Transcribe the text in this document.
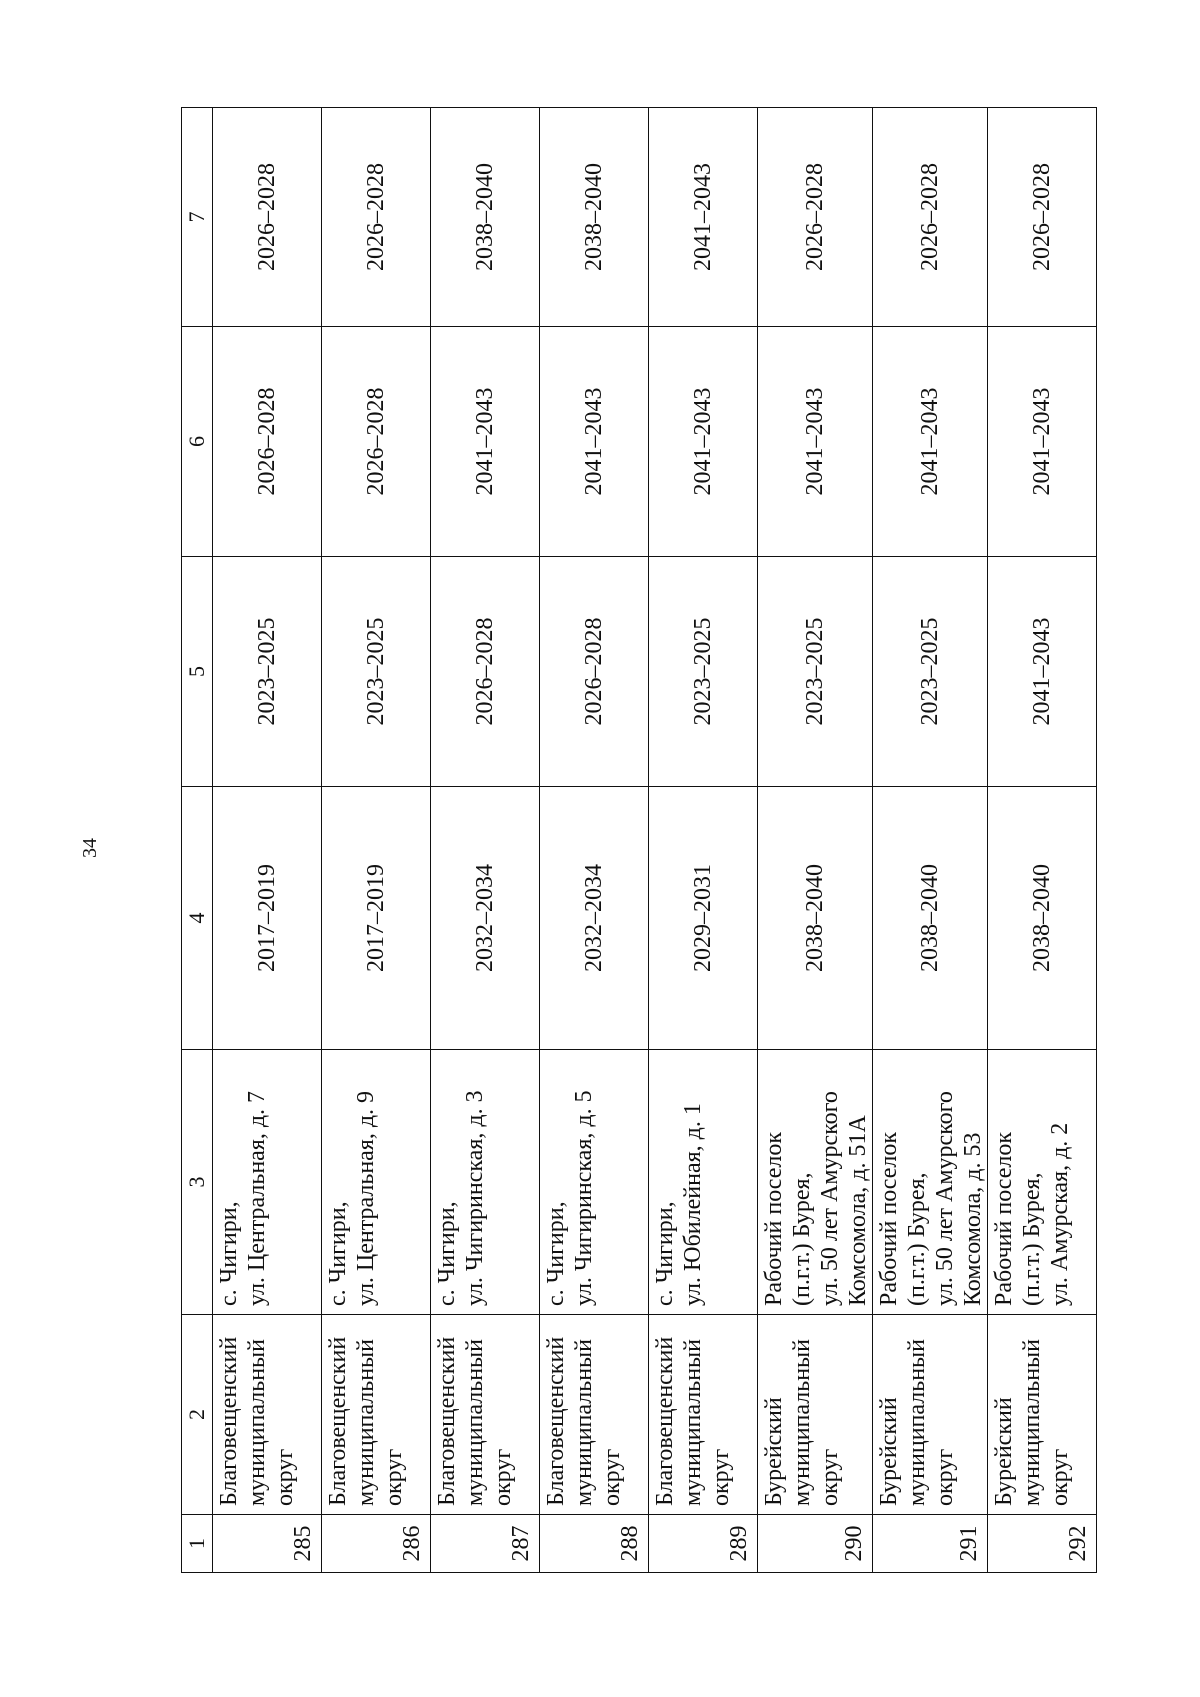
34
1	2	3	4	5	6	7
285	Благовещенский
муниципальный
округ	с. Чигири,
ул. Центральная, д. 7	2017–2019	2023–2025	2026–2028	2026–2028
286	Благовещенский
муниципальный
округ	с. Чигири,
ул. Центральная, д. 9	2017–2019	2023–2025	2026–2028	2026–2028
287	Благовещенский
муниципальный
округ	с. Чигири,
ул. Чигиринская, д. 3	2032–2034	2026–2028	2041–2043	2038–2040
288	Благовещенский
муниципальный
округ	с. Чигири,
ул. Чигиринская, д. 5	2032–2034	2026–2028	2041–2043	2038–2040
289	Благовещенский
муниципальный
округ	с. Чигири,
ул. Юбилейная, д. 1	2029–2031	2023–2025	2041–2043	2041–2043
290	Бурейский
муниципальный
округ	Рабочий поселок
(п.г.т.) Бурея,
ул. 50 лет Амурского
Комсомола, д. 51А	2038–2040	2023–2025	2041–2043	2026–2028
291	Бурейский
муниципальный
округ	Рабочий поселок
(п.г.т.) Бурея,
ул. 50 лет Амурского
Комсомола, д. 53	2038–2040	2023–2025	2041–2043	2026–2028
292	Бурейский
муниципальный
округ	Рабочий поселок
(п.г.т.) Бурея,
ул. Амурская, д. 2	2038–2040	2041–2043	2041–2043	2026–2028
